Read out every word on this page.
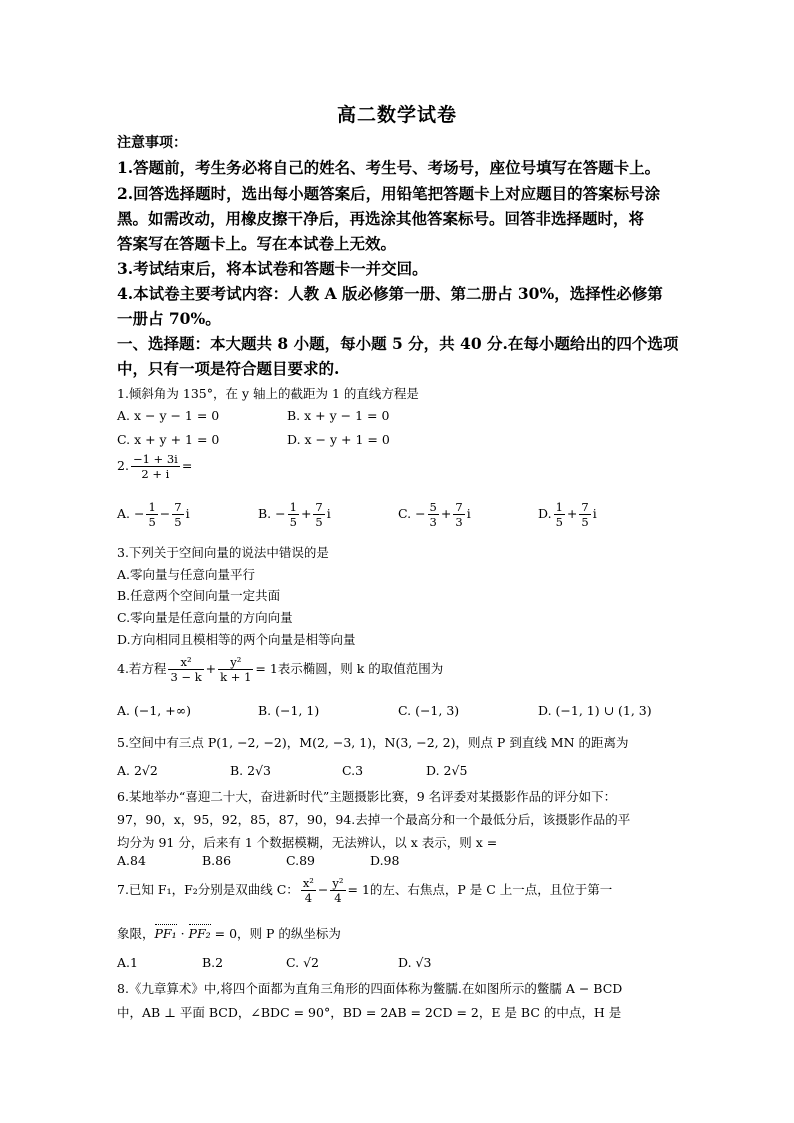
高二数学试卷
注意事项：
1.答题前，考生务必将自己的姓名、考生号、考场号，座位号填写在答题卡上。
2.回答选择题时，选出每小题答案后，用铅笔把答题卡上对应题目的答案标号涂
黑。如需改动，用橡皮擦干净后，再选涂其他答案标号。回答非选择题时，将
答案写在答题卡上。写在本试卷上无效。
3.考试结束后，将本试卷和答题卡一并交回。
4.本试卷主要考试内容：人教 A 版必修第一册、第二册占 30%，选择性必修第
一册占 70%。
一、选择题：本大题共 8 小题，每小题 5 分，共 40 分.在每小题给出的四个选项
中，只有一项是符合题目要求的.
1.倾斜角为 135°，在 y 轴上的截距为 1 的直线方程是
A. x − y − 1 = 0	B. x + y − 1 = 0
C. x + y + 1 = 0	D. x − y + 1 = 0
2. $\frac{-1 + 3i}{2 + i}$ =
A. − $\frac{1}{5} - \frac{7}{5}$ i	B. − $\frac{1}{5} + \frac{7}{5}$ i	C. − $\frac{5}{3} + \frac{7}{3}$ i	D. $\frac{1}{5} + \frac{7}{5}$ i
3.下列关于空间向量的说法中错误的是
A.零向量与任意向量平行
B.任意两个空间向量一定共面
C.零向量是任意向量的方向向量
D.方向相同且模相等的两个向量是相等向量
4.若方程 $\frac{\text{x²}}{3 - k} + \frac{\text{y²}}{k + 1} = 1$表示椭圆，则 k 的取值范围为
A. (−1, +∞)	B. (−1, 1)	C. (−1, 3)	D. (−1, 1) ∪ (1, 3)
5.空间中有三点 P(1, −2, −2)，M(2, −3, 1)，N(3, −2, 2)，则点 P 到直线 MN 的距离为
A. 2√2	B. 2√3	C.3	D. 2√5
6.某地举办“喜迎二十大，奋进新时代”主题摄影比赛，9 名评委对某摄影作品的评分如下：
97，90，x，95，92，85，87，90，94.去掉一个最高分和一个最低分后，该摄影作品的平
均分为 91 分，后来有 1 个数据模糊，无法辨认，以 x 表示，则 x =
A.84	B.86	C.89	D.98
7.已知 F₁，F₂分别是双曲线 C： $\frac{\text{x²}}{4} - \frac{\text{y²}}{4} = 1$的左、右焦点，P 是 C 上一点，且位于第一
象限，PF₁ · PF₂ = 0，则 P 的纵坐标为
A.1	B.2	C. √2	D. √3
8.《九章算术》中,将四个面都为直角三角形的四面体称为鳖臑.在如图所示的鳖臑 A − BCD
中，AB ⊥ 平面 BCD，∠BDC = 90°，BD = 2AB = 2CD = 2，E 是 BC 的中点，H 是
